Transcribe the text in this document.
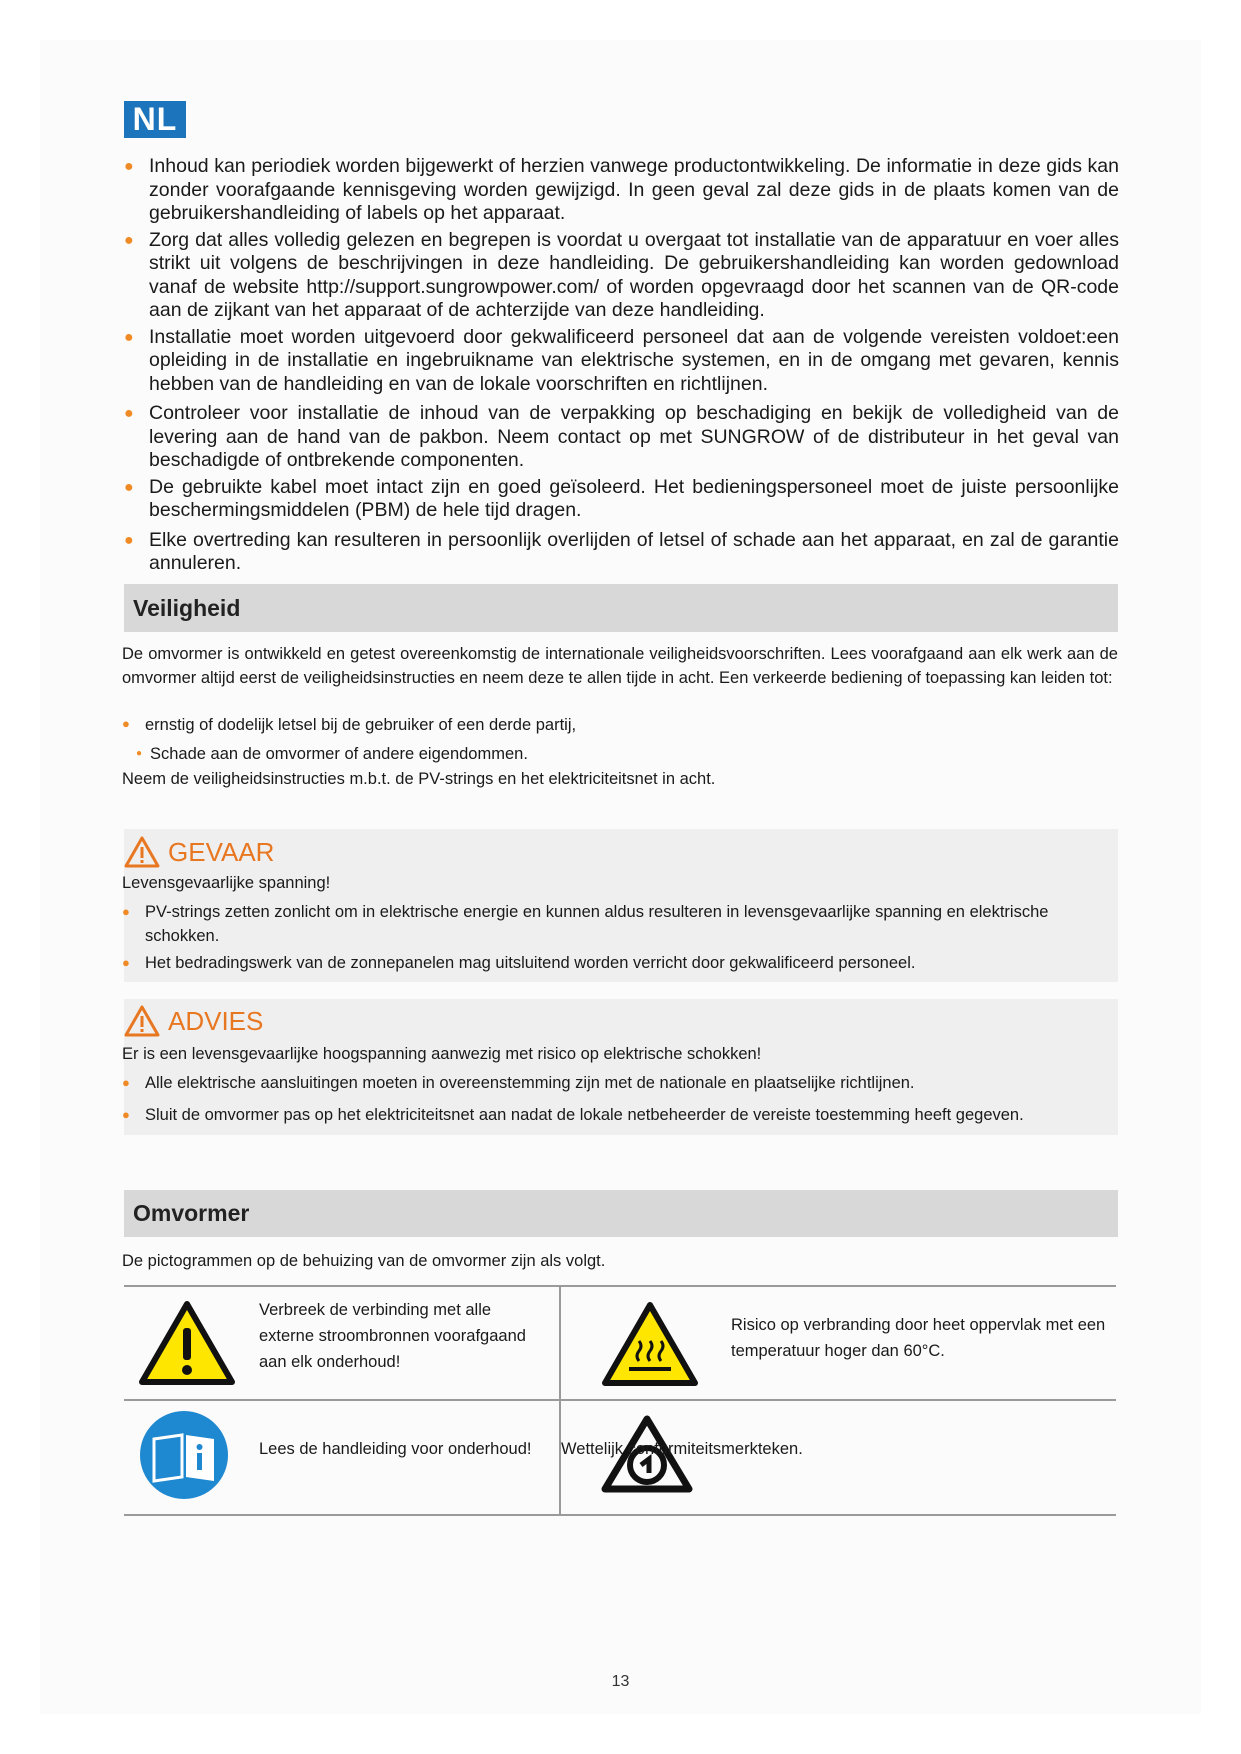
NL
● Inhoud kan periodiek worden bijgewerkt of herzien vanwege productontwikkeling. De informatie in deze gids kan zonder voorafgaande kennisgeving worden gewijzigd. In geen geval zal deze gids in de plaats komen van de gebruikershandleiding of labels op het apparaat.
● Zorg dat alles volledig gelezen en begrepen is voordat u overgaat tot installatie van de apparatuur en voer alles strikt uit volgens de beschrijvingen in deze handleiding. De gebruikershandleiding kan worden gedownload vanaf de website http://support.sungrowpower.com/ of worden opgevraagd door het scannen van de QR-code aan de zijkant van het apparaat of de achterzijde van deze handleiding.
● Installatie moet worden uitgevoerd door gekwalificeerd personeel dat aan de volgende vereisten voldoet:een opleiding in de installatie en ingebruikname van elektrische systemen, en in de omgang met gevaren, kennis hebben van de handleiding en van de lokale voorschriften en richtlijnen.
● Controleer voor installatie de inhoud van de verpakking op beschadiging en bekijk de volledigheid van de levering aan de hand van de pakbon. Neem contact op met SUNGROW of de distributeur in het geval van beschadigde of ontbrekende componenten.
● De gebruikte kabel moet intact zijn en goed geïsoleerd. Het bedieningspersoneel moet de juiste persoonlijke beschermingsmiddelen (PBM) de hele tijd dragen.
● Elke overtreding kan resulteren in persoonlijk overlijden of letsel of schade aan het apparaat, en zal de garantie annuleren.
Veiligheid
De omvormer is ontwikkeld en getest overeenkomstig de internationale veiligheidsvoorschriften. Lees voorafgaand aan elk werk aan de omvormer altijd eerst de veiligheidsinstructies en neem deze te allen tijde in acht. Een verkeerde bediening of toepassing kan leiden tot:
● ernstig of dodelijk letsel bij de gebruiker of een derde partij,
● Schade aan de omvormer of andere eigendommen.
Neem de veiligheidsinstructies m.b.t. de PV-strings en het elektriciteitsnet in acht.
GEVAAR
Levensgevaarlijke spanning!
● PV-strings zetten zonlicht om in elektrische energie en kunnen aldus resulteren in levensgevaarlijke spanning en elektrische schokken.
● Het bedradingswerk van de zonnepanelen mag uitsluitend worden verricht door gekwalificeerd personeel.
ADVIES
Er is een levensgevaarlijke hoogspanning aanwezig met risico op elektrische schokken!
● Alle elektrische aansluitingen moeten in overeenstemming zijn met de nationale en plaatselijke richtlijnen.
● Sluit de omvormer pas op het elektriciteitsnet aan nadat de lokale netbeheerder de vereiste toestemming heeft gegeven.
Omvormer
De pictogrammen op de behuizing van de omvormer zijn als volgt.
Verbreek de verbinding met alle externe stroombronnen voorafgaand aan elk onderhoud!
Risico op verbranding door heet oppervlak met een temperatuur hoger dan 60°C.
Lees de handleiding voor onderhoud! Wettelijk conformiteitsmerkteken.
13
